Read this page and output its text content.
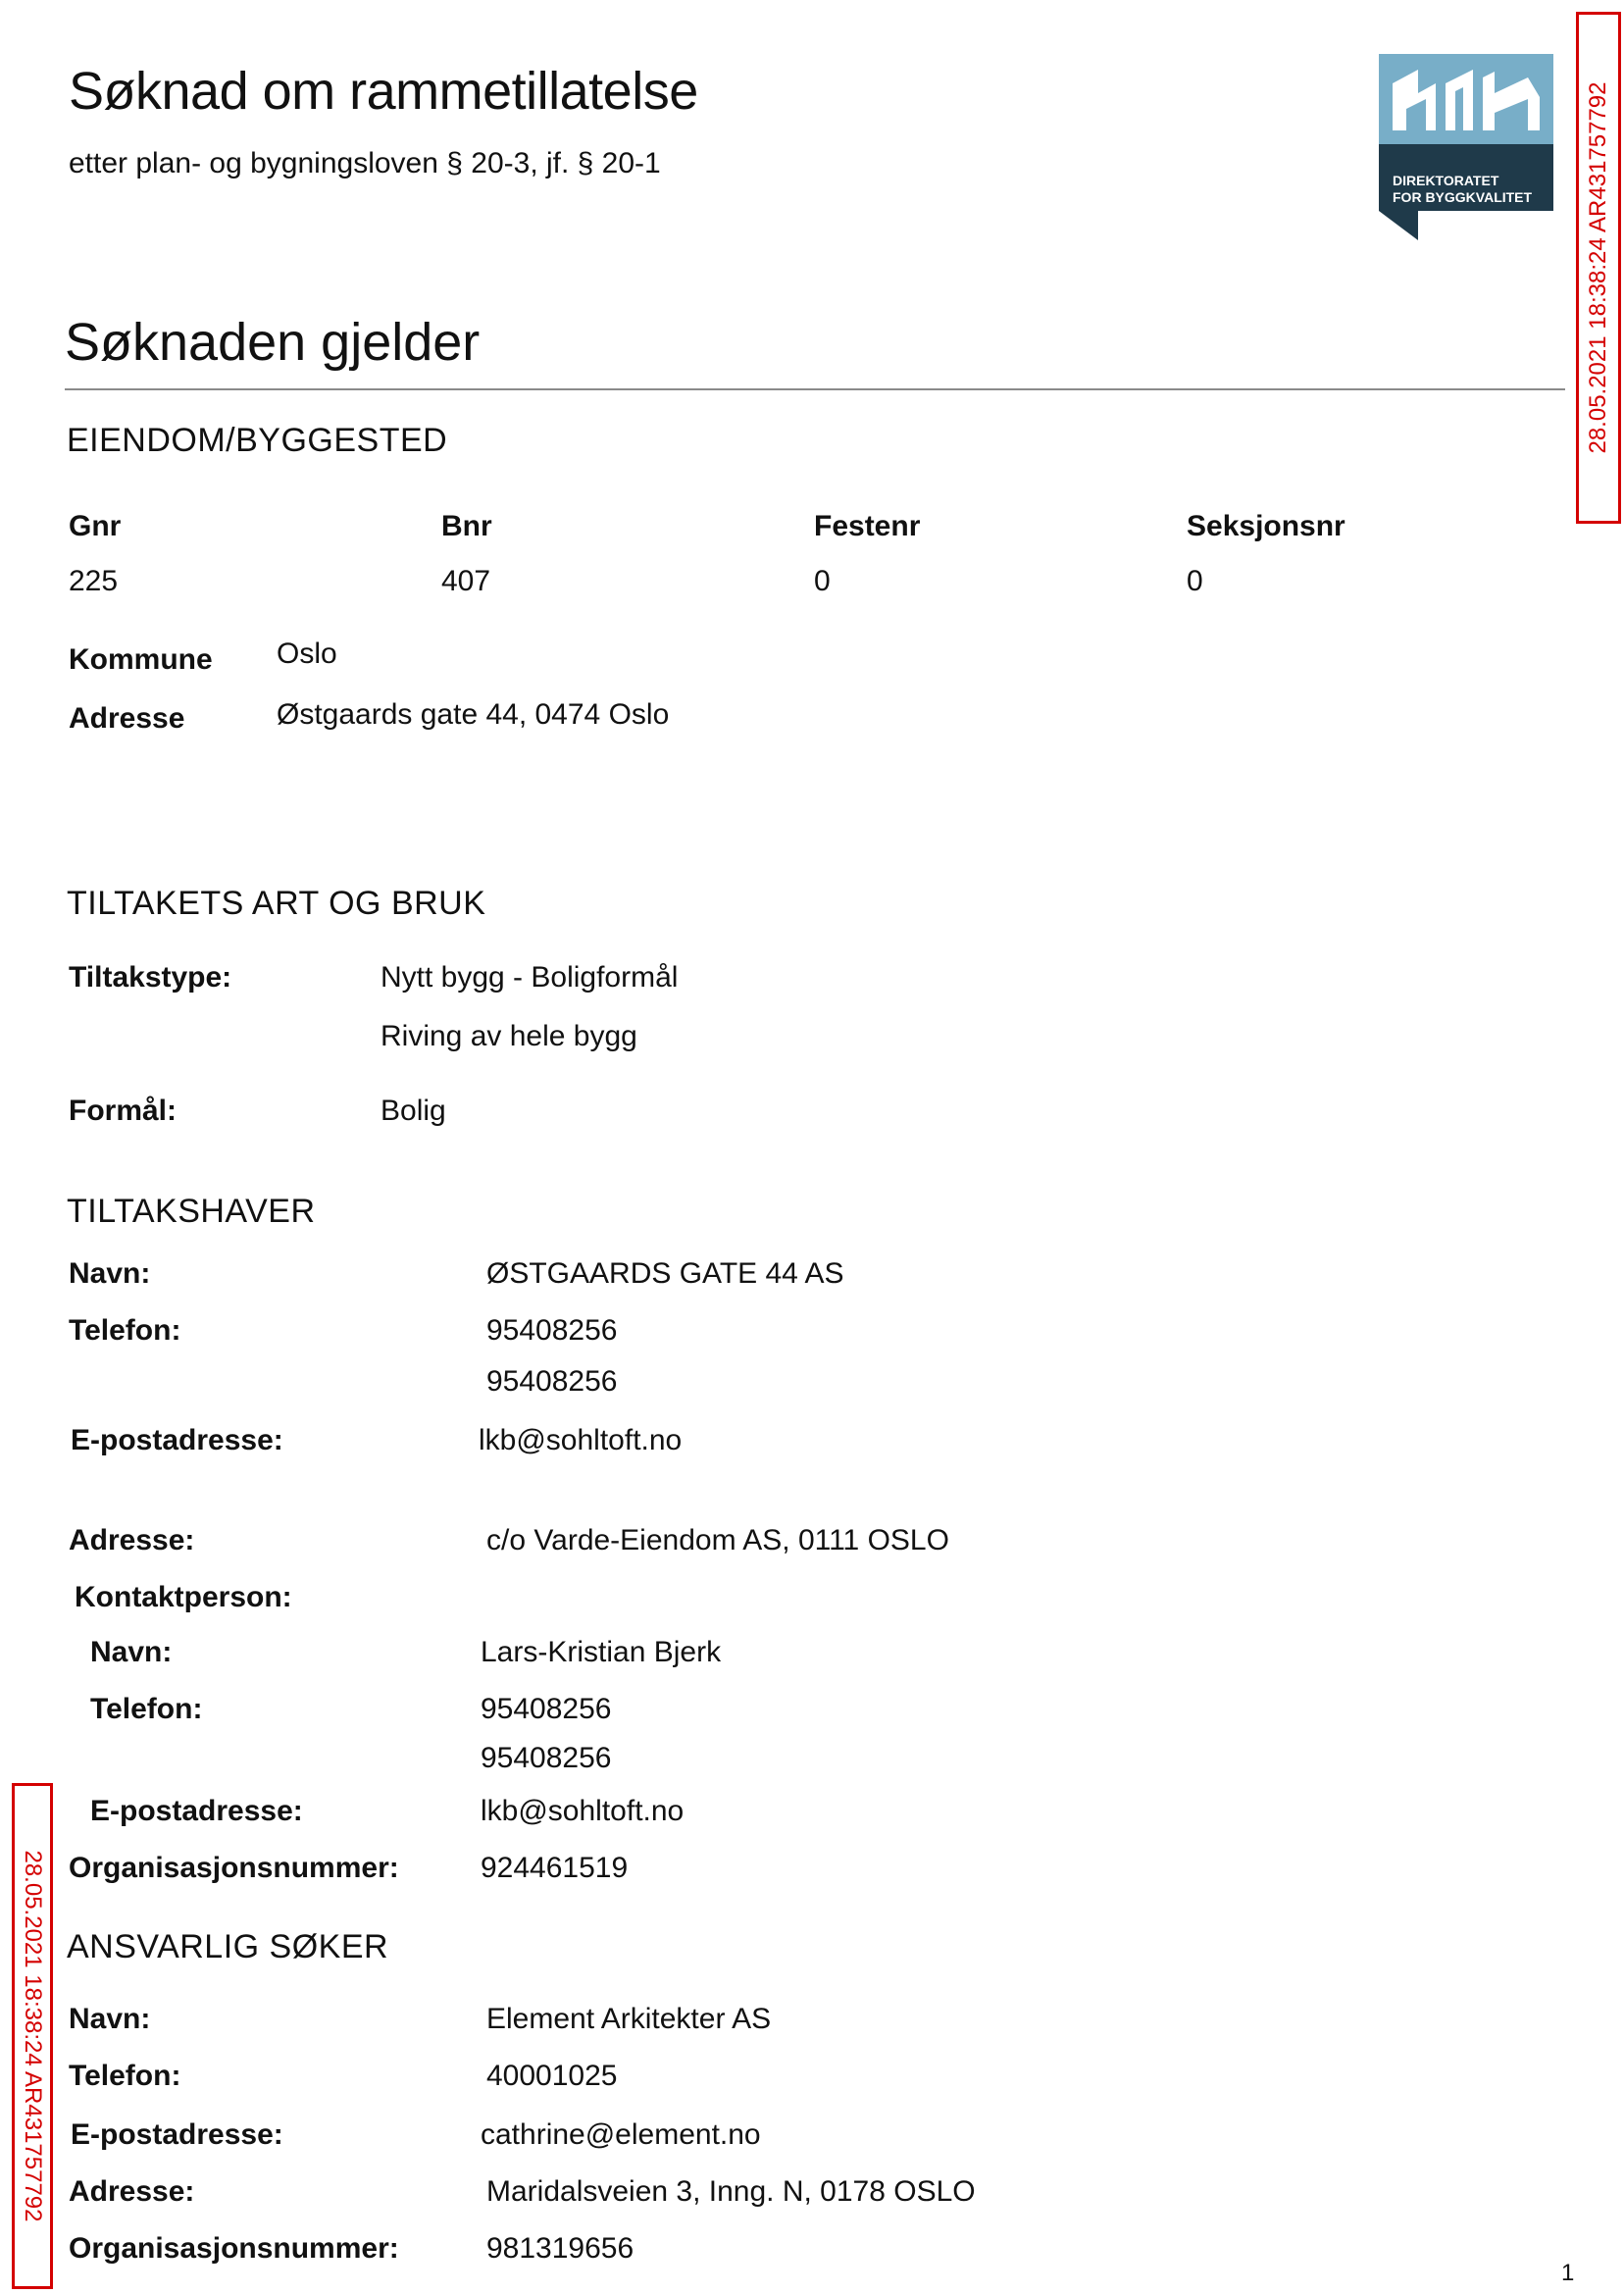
Søknad om rammetillatelse
etter plan- og bygningsloven § 20-3, jf. § 20-1
DIREKTORATET
FOR BYGGKVALITET 28.05.2021 18:38:24 AR431757792
Søknaden gjelder
EIENDOM/BYGGESTED
Gnr	Bnr	Festenr	Seksjonsnr
225	407	0	0
Kommune Oslo
Adresse	Østgaards gate 44, 0474 Oslo
TILTAKETS ART OG BRUK
Tiltakstype:	Nytt bygg - Boligformål
Riving av hele bygg
Formål:	Bolig
TILTAKSHAVER
Navn:	ØSTGAARDS GATE 44 AS
Telefon:	95408256
95408256
E-postadresse:	lkb@sohltoft.no
Adresse:	c/o Varde-Eiendom AS, 0111 OSLO
Kontaktperson:
Navn:	Lars-Kristian Bjerk
Telefon:	95408256
95408256
E-postadresse:	lkb@sohltoft.no
Organisasjonsnummer:	924461519
ANSVARLIG SØKER
Navn:	Element Arkitekter AS
Telefon:	40001025
E-postadresse:	cathrine@element.no
Adresse:	Maridalsveien 3, Inng. N, 0178 OSLO
Organisasjonsnummer:	981319656
28.05.2021 18:38:24 AR431757792
1
